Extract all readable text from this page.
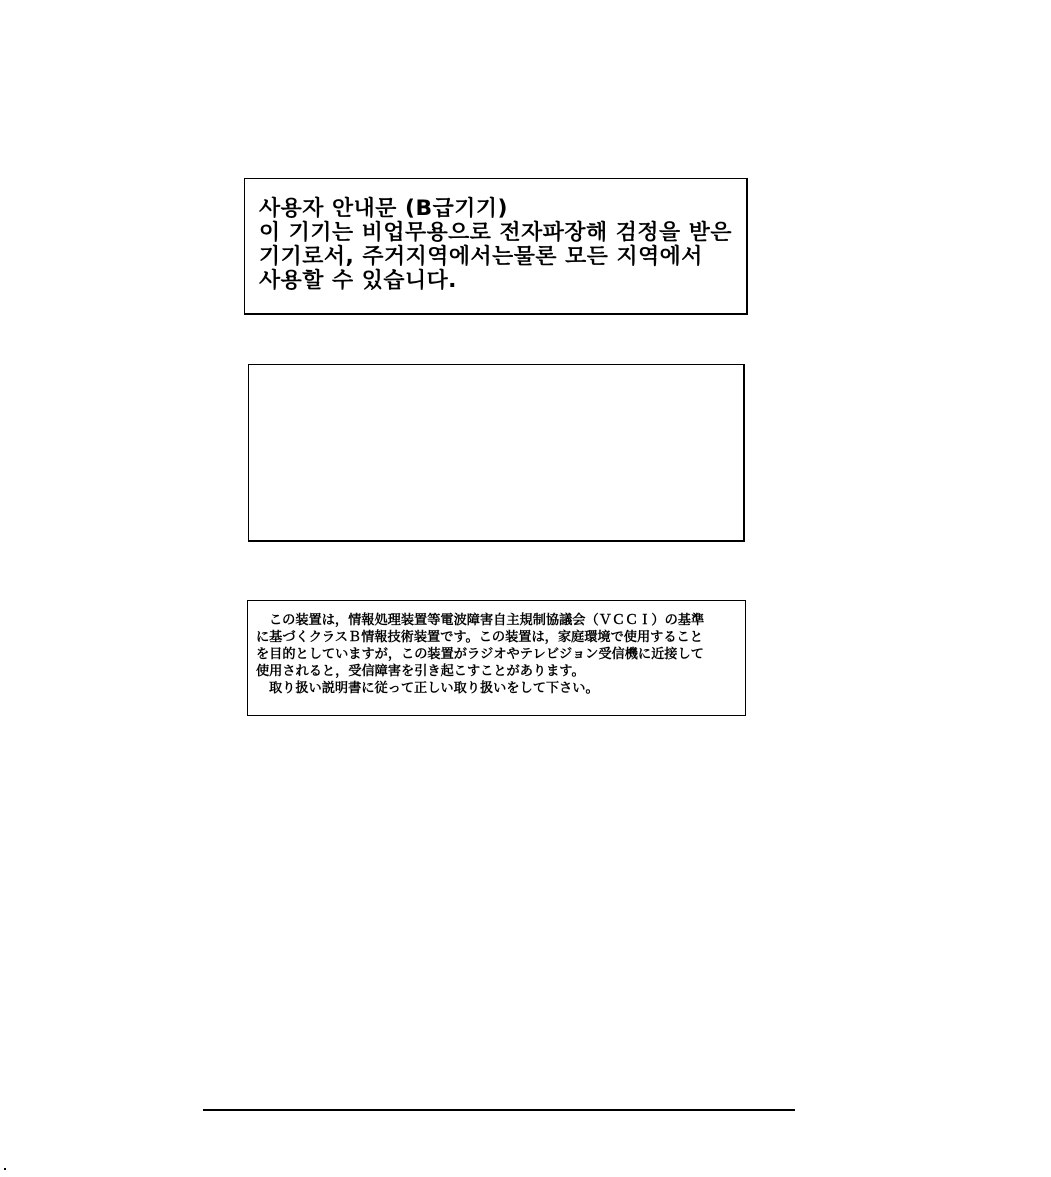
사용자 안내문 (B급기기)
이 기기는 비업무용으로 전자파장해 검정을 받은
기기로서, 주거지역에서는물론 모든 지역에서
사용할 수 있습니다.
この装置は，情報処理装置等電波障害自主規制協議会（ＶＣＣＩ）の基準
に基づくクラスＢ情報技術装置です。この装置は，家庭環境で使用すること
を目的としていますが，この装置がラジオやテレビジョン受信機に近接して
使用されると，受信障害を引き起こすことがあります。
取り扱い説明書に従って正しい取り扱いをして下さい。
